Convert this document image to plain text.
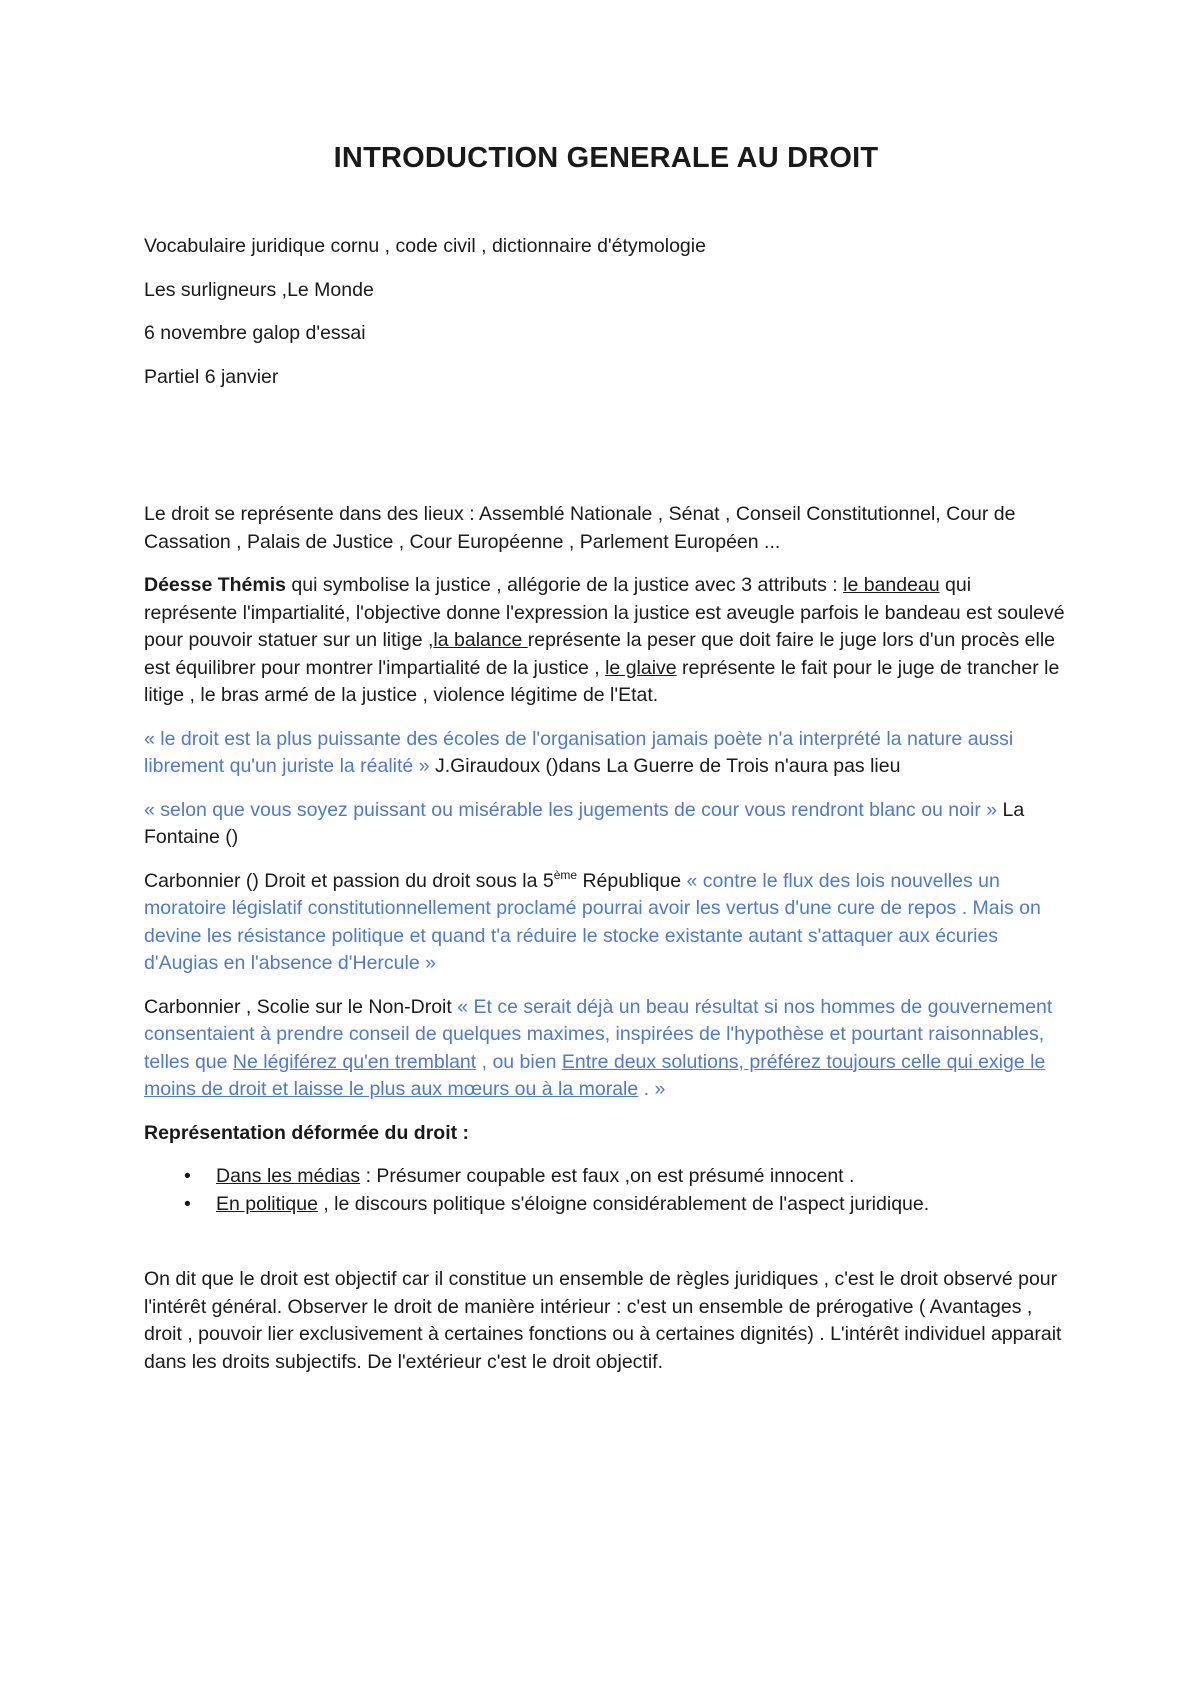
INTRODUCTION GENERALE AU DROIT

Vocabulaire juridique cornu , code civil , dictionnaire d'étymologie

Les surligneurs ,Le Monde

6 novembre galop d'essai

Partiel 6 janvier

Le droit se représente dans des lieux : Assemblé Nationale , Sénat , Conseil Constitutionnel, Cour de Cassation , Palais de Justice , Cour Européenne , Parlement Européen ...

Déesse Thémis qui symbolise la justice , allégorie de la justice avec 3 attributs : le bandeau qui représente l'impartialité, l'objective donne l'expression la justice est aveugle parfois le bandeau est soulevé pour pouvoir statuer sur un litige ,la balance représente la peser que doit faire le juge lors d'un procès elle est équilibrer pour montrer l'impartialité de la justice , le glaive représente le fait pour le juge de trancher le litige , le bras armé de la justice , violence légitime de l'Etat.

« le droit est la plus puissante des écoles de l'organisation jamais poète n'a interprété la nature aussi librement qu'un juriste la réalité » J.Giraudoux ()dans La Guerre de Trois n'aura pas lieu

« selon que vous soyez puissant ou misérable les jugements de cour vous rendront blanc ou noir » La Fontaine ()

Carbonnier () Droit et passion du droit sous la 5ème République « contre le flux des lois nouvelles un moratoire législatif constitutionnellement proclamé pourrai avoir les vertus d'une cure de repos . Mais on devine les résistance politique et quand t'a réduire le stocke existante autant s'attaquer aux écuries d'Augias en l'absence d'Hercule »

Carbonnier , Scolie sur le Non-Droit « Et ce serait déjà un beau résultat si nos hommes de gouvernement consentaient à prendre conseil de quelques maximes, inspirées de l'hypothèse et pourtant raisonnables, telles que Ne légiférez qu'en tremblant , ou bien Entre deux solutions, préférez toujours celle qui exige le moins de droit et laisse le plus aux mœurs ou à la morale . »

Représentation déformée du droit :

• Dans les médias : Présumer coupable est faux ,on est présumé innocent .
• En politique , le discours politique s'éloigne considérablement de l'aspect juridique.

On dit que le droit est objectif car il constitue un ensemble de règles juridiques , c'est le droit observé pour l'intérêt général. Observer le droit de manière intérieur : c'est un ensemble de prérogative ( Avantages , droit , pouvoir lier exclusivement à certaines fonctions ou à certaines dignités) . L'intérêt individuel apparait dans les droits subjectifs. De l'extérieur c'est le droit objectif.
